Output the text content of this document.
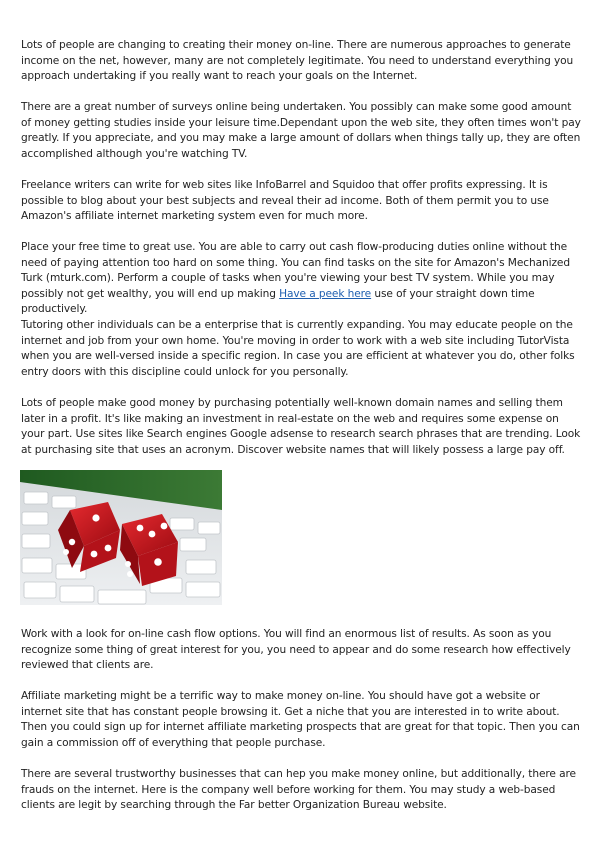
Lots of people are changing to creating their money on-line. There are numerous approaches to generate income on the net, however, many are not completely legitimate. You need to understand everything you approach undertaking if you really want to reach your goals on the Internet.

There are a great number of surveys online being undertaken. You possibly can make some good amount of money getting studies inside your leisure time.Dependant upon the web site, they often times won't pay greatly. If you appreciate, and you may make a large amount of dollars when things tally up, they are often accomplished although you're watching TV.

Freelance writers can write for web sites like InfoBarrel and Squidoo that offer profits expressing. It is possible to blog about your best subjects and reveal their ad income. Both of them permit you to use Amazon's affiliate internet marketing system even for much more.

Place your free time to great use. You are able to carry out cash flow-producing duties online without the need of paying attention too hard on some thing. You can find tasks on the site for Amazon's Mechanized Turk (mturk.com). Perform a couple of tasks when you're viewing your best TV system. While you may possibly not get wealthy, you will end up making Have a peek here use of your straight down time productively.

Tutoring other individuals can be a enterprise that is currently expanding. You may educate people on the internet and job from your own home. You're moving in order to work with a web site including TutorVista when you are well-versed inside a specific region. In case you are efficient at whatever you do, other folks entry doors with this discipline could unlock for you personally.

Lots of people make good money by purchasing potentially well-known domain names and selling them later in a profit. It's like making an investment in real-estate on the web and requires some expense on your part. Use sites like Search engines Google adsense to research search phrases that are trending. Look at purchasing site that uses an acronym. Discover website names that will likely possess a large pay off.

Work with a look for on-line cash flow options. You will find an enormous list of results. As soon as you recognize some thing of great interest for you, you need to appear and do some research how effectively reviewed that clients are.

Affiliate marketing might be a terrific way to make money on-line. You should have got a website or internet site that has constant people browsing it. Get a niche that you are interested in to write about. Then you could sign up for internet affiliate marketing prospects that are great for that topic. Then you can gain a commission off of everything that people purchase.

There are several trustworthy businesses that can hep you make money online, but additionally, there are frauds on the internet. Here is the company well before working for them. You may study a web-based clients are legit by searching through the Far better Organization Bureau website.
